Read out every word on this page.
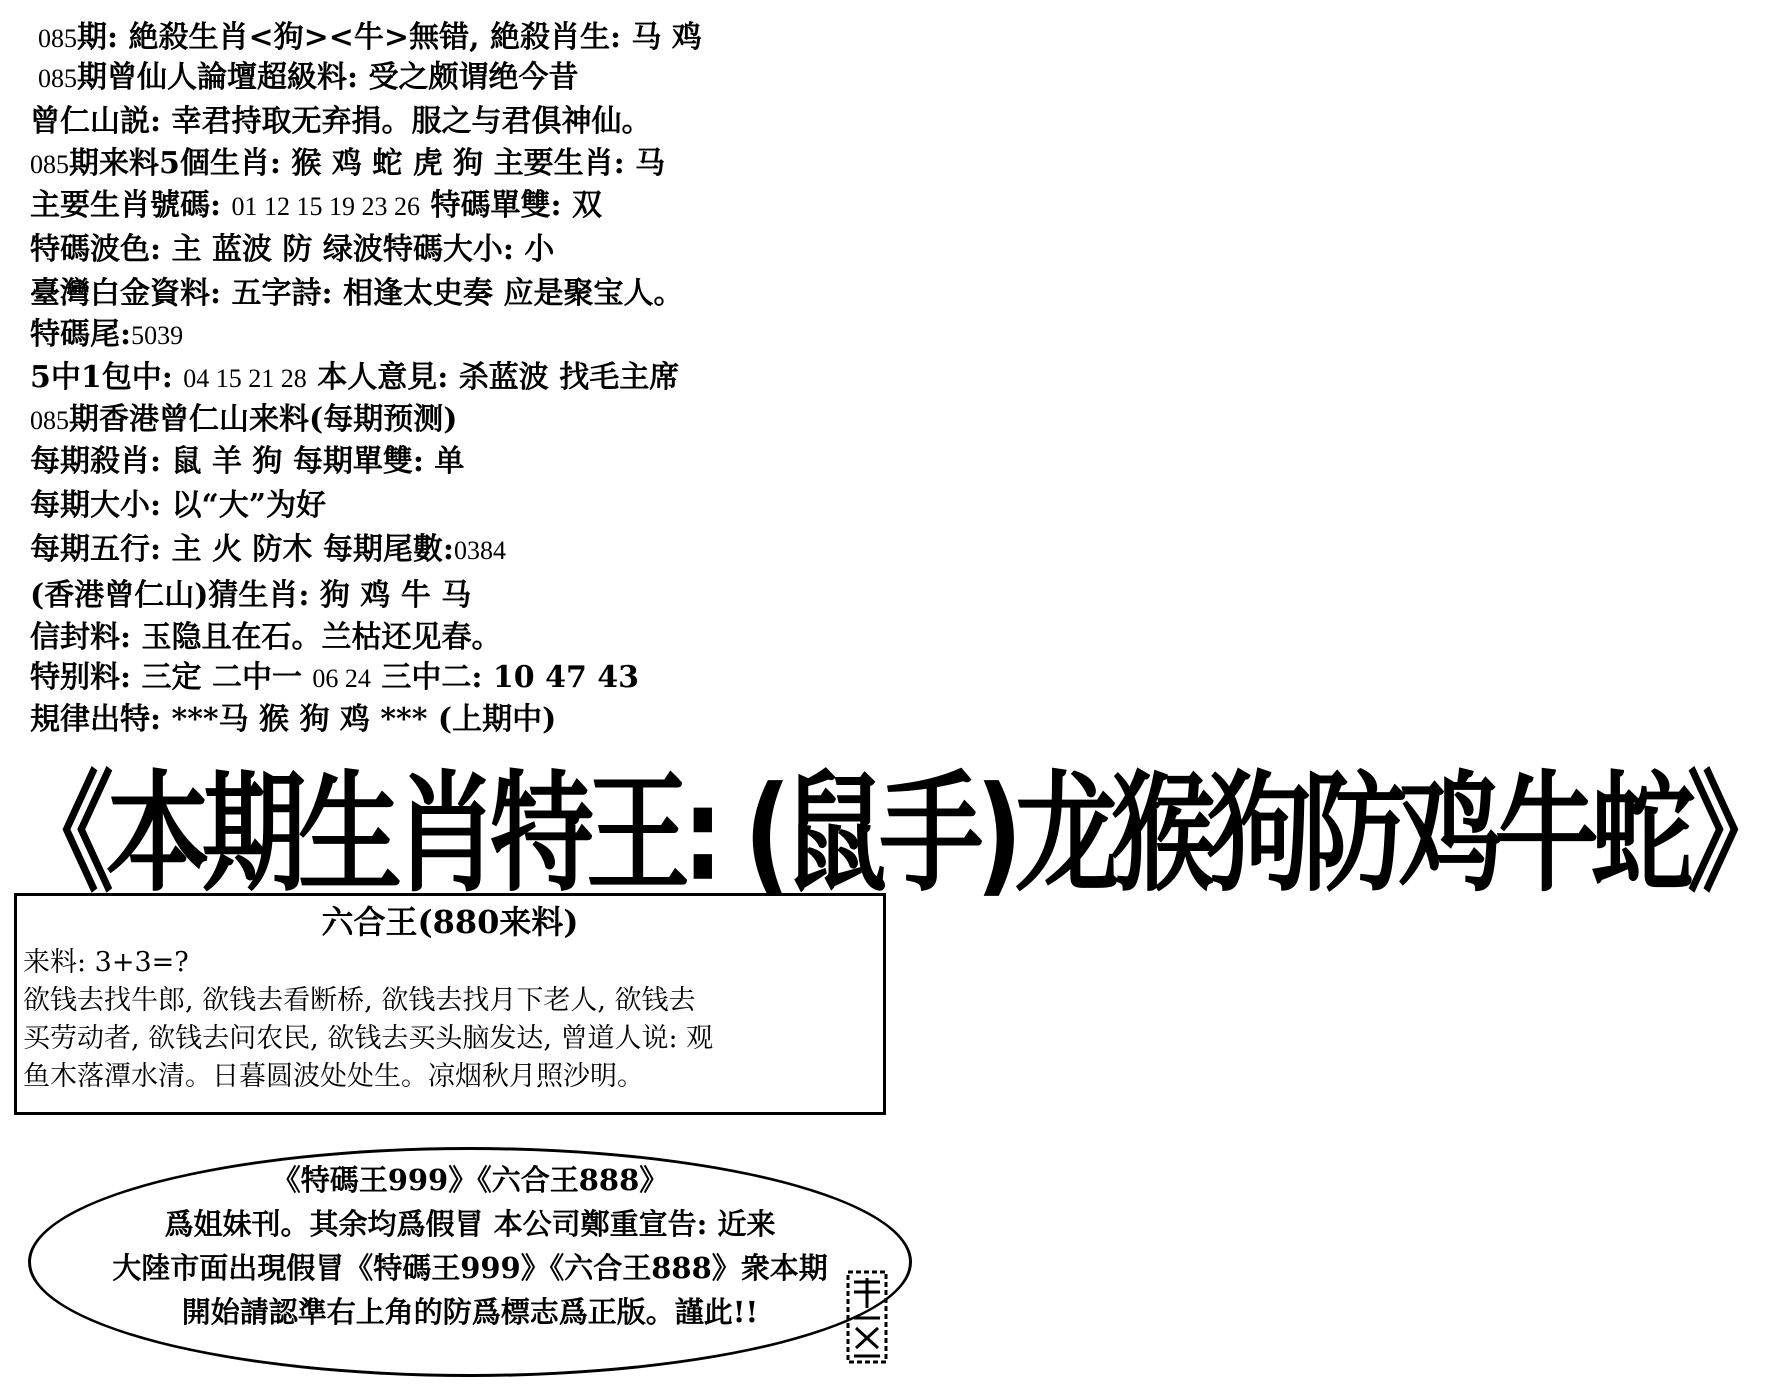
085期: 絶殺生肖<狗><牛>無错, 絶殺肖生: 马 鸡
085期曾仙人論壇超級料: 受之颇谓绝今昔
曾仁山説: 幸君持取无弃捐。服之与君俱神仙。
085期来料5個生肖: 猴 鸡 蛇 虎 狗 主要生肖: 马
主要生肖號碼: 01 12 15 19 23 26 特碼單雙: 双
特碼波色: 主 蓝波 防 绿波特碼大小: 小
臺灣白金資料: 五字詩: 相逢太史奏 应是聚宝人。
特碼尾:5039
5中1包中: 04 15 21 28 本人意見: 杀蓝波 找毛主席
085期香港曾仁山来料(每期预测)
每期殺肖: 鼠 羊 狗 每期單雙: 单
每期大小: 以“大”为好
每期五行: 主 火 防木 每期尾數:0384
(香港曾仁山)猜生肖: 狗 鸡 牛 马
信封料: 玉隐且在石。兰枯还见春。
特别料: 三定 二中一 06 24 三中二: 10 47 43
規律出特: ***马 猴 狗 鸡 *** (上期中)
《本期生肖特王: (鼠手)龙猴狗防鸡牛蛇》
六合王(880来料)
来料: 3+3=?
欲钱去找牛郎, 欲钱去看断桥, 欲钱去找月下老人, 欲钱去
买劳动者, 欲钱去问农民, 欲钱去买头脑发达, 曾道人说: 观
鱼木落潭水清。日暮圆波处处生。凉烟秋月照沙明。
《特碼王999》《六合王888》
爲姐妹刊。其余均爲假冒 本公司鄭重宣告: 近来
大陸市面出現假冒《特碼王999》《六合王888》衆本期
開始請認準右上角的防爲標志爲正版。謹此!!
